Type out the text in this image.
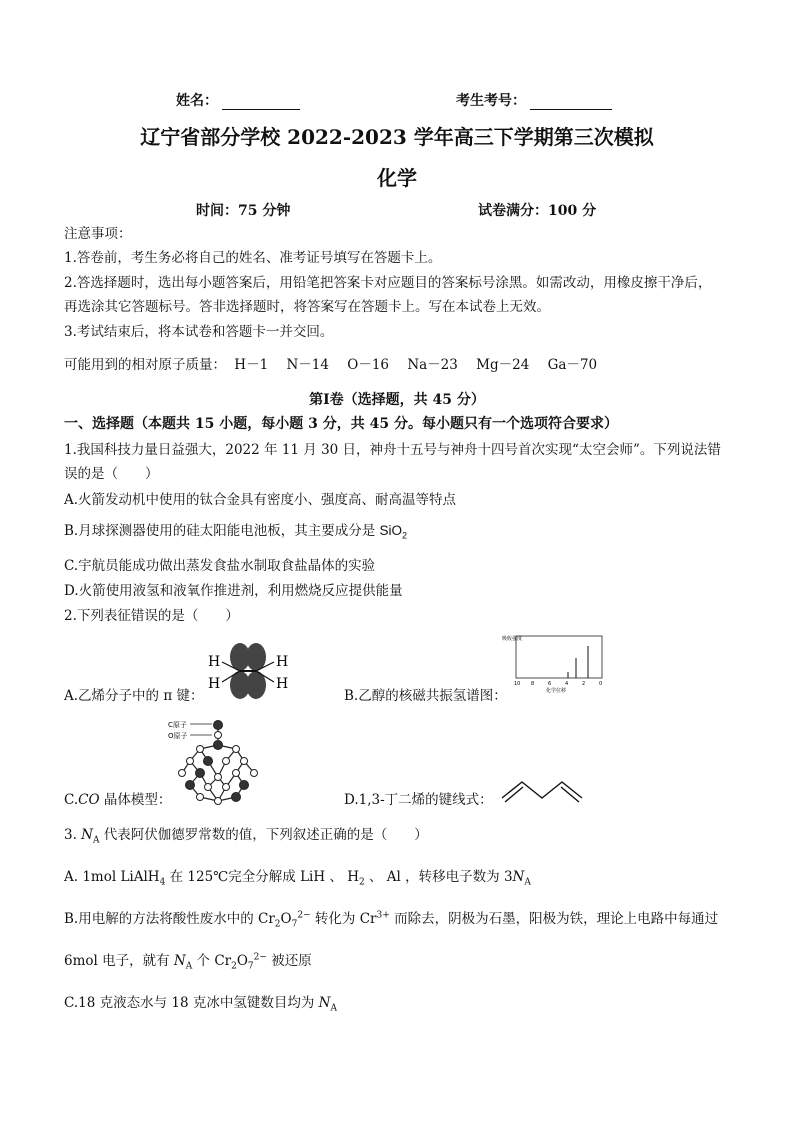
姓名：	考生考号：
辽宁省部分学校 2022-2023 学年高三下学期第三次模拟
化学
时间：75 分钟	试卷满分：100 分
注意事项：
1.答卷前，考生务必将自己的姓名、准考证号填写在答题卡上。
2.答选择题时，选出每小题答案后，用铅笔把答案卡对应题目的答案标号涂黑。如需改动，用橡皮擦干净后，
再选涂其它答题标号。答非选择题时，将答案写在答题卡上。写在本试卷上无效。
3.考试结束后，将本试卷和答题卡一并交回。
可能用到的相对原子质量： H－1 N－14 O－16 Na－23 Mg－24 Ga－70
第Ⅰ卷（选择题，共 45 分）
一、选择题（本题共 15 小题，每小题 3 分，共 45 分。每小题只有一个选项符合要求）
1.我国科技力量日益强大，2022 年 11 月 30 日，神舟十五号与神舟十四号首次实现“太空会师”。下列说法错
误的是（　　）
A.火箭发动机中使用的钛合金具有密度小、强度高、耐高温等特点
B.月球探测器使用的硅太阳能电池板，其主要成分是 SiO$_2$
C.宇航员能成功做出蒸发食盐水制取食盐晶体的实验
D.火箭使用液氢和液氧作推进剂，利用燃烧反应提供能量
2.下列表征错误的是（　　）
A.乙烯分子中的 π 键：
H
H
H
H
B.乙醇的核磁共振氢谱图：
吸收强度
10 8	6	4	2	0
化学位移
C.CO 晶体模型：
C原子
O原子
D.1,3-丁二烯的键线式：
3. $N_A$ 代表阿伏伽德罗常数的值，下列叙述正确的是（　　）
A. 1mol LiAlH$_4$ 在 125℃完全分解成 LiH 、 $H_2$ 、 Al ，转移电子数为 $3N_A$
B.用电解的方法将酸性废水中的 $Cr_2O_7^{2-}$ 转化为 $Cr^{3+}$ 而除去，阴极为石墨，阳极为铁，理论上电路中每通过
6mol 电子，就有 $N_A$ 个 $Cr_2O_7^{2-}$ 被还原
C.18 克液态水与 18 克冰中氢键数目均为 $N_A$
